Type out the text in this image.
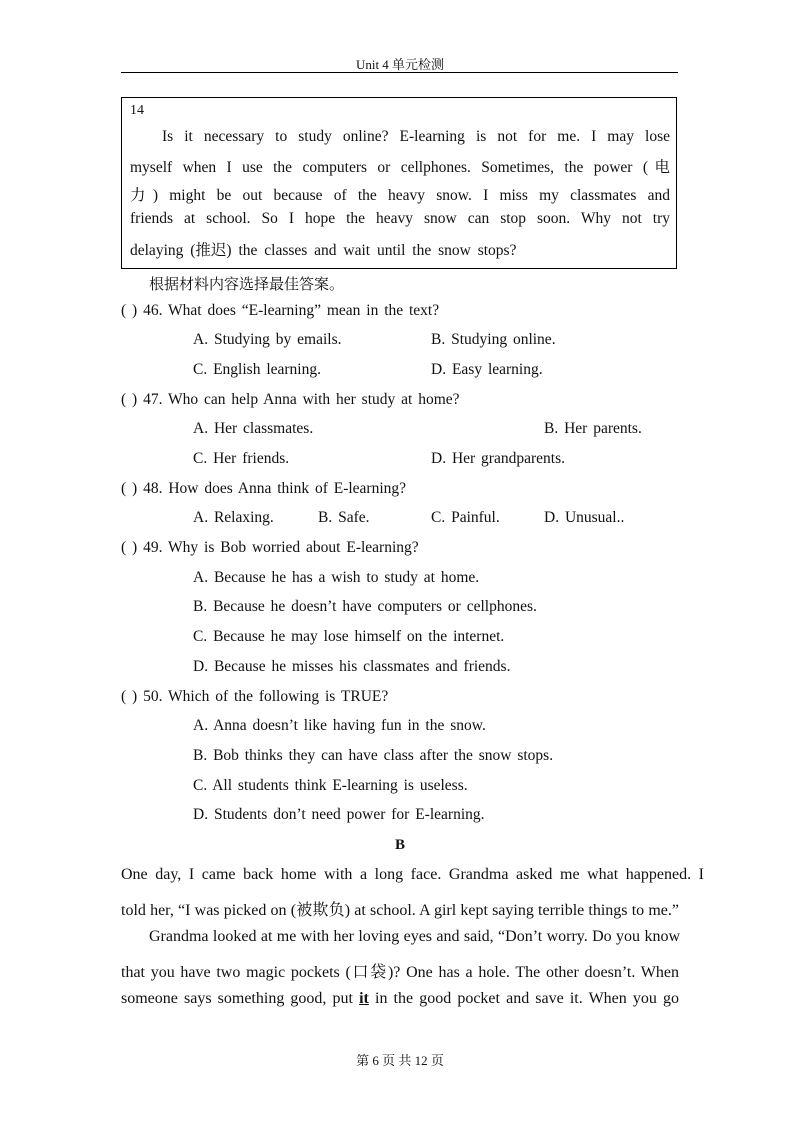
Unit 4 单元检测
14
Is it necessary to study online? E-learning is not for me. I may lose
myself when I use the computers or cellphones. Sometimes, the power (电
力) might be out because of the heavy snow. I miss my classmates and
friends at school. So I hope the heavy snow can stop soon. Why not try
delaying (推迟) the classes and wait until the snow stops?
根据材料内容选择最佳答案。
( ) 46. What does “E-learning” mean in the text?
A. Studying by emails.	B. Studying online.
C. English learning.	D. Easy learning.
( ) 47. Who can help Anna with her study at home?
A. Her classmates.	B. Her parents.
C. Her friends.	D. Her grandparents.
( ) 48. How does Anna think of E-learning?
A. Relaxing.	B. Safe.	C. Painful.	D. Unusual..
( ) 49. Why is Bob worried about E-learning?
A. Because he has a wish to study at home.
B. Because he doesn’t have computers or cellphones.
C. Because he may lose himself on the internet.
D. Because he misses his classmates and friends.
( ) 50. Which of the following is TRUE?
A. Anna doesn’t like having fun in the snow.
B. Bob thinks they can have class after the snow stops.
C. All students think E-learning is useless.
D. Students don’t need power for E-learning.
B
One day, I came back home with a long face. Grandma asked me what happened. I
told her, “I was picked on (被欺负) at school. A girl kept saying terrible things to me.”
Grandma looked at me with her loving eyes and said, “Don’t worry. Do you know
that you have two magic pockets (口袋)? One has a hole. The other doesn’t. When
someone says something good, put it in the good pocket and save it. When you go
第 6 页 共 12 页
